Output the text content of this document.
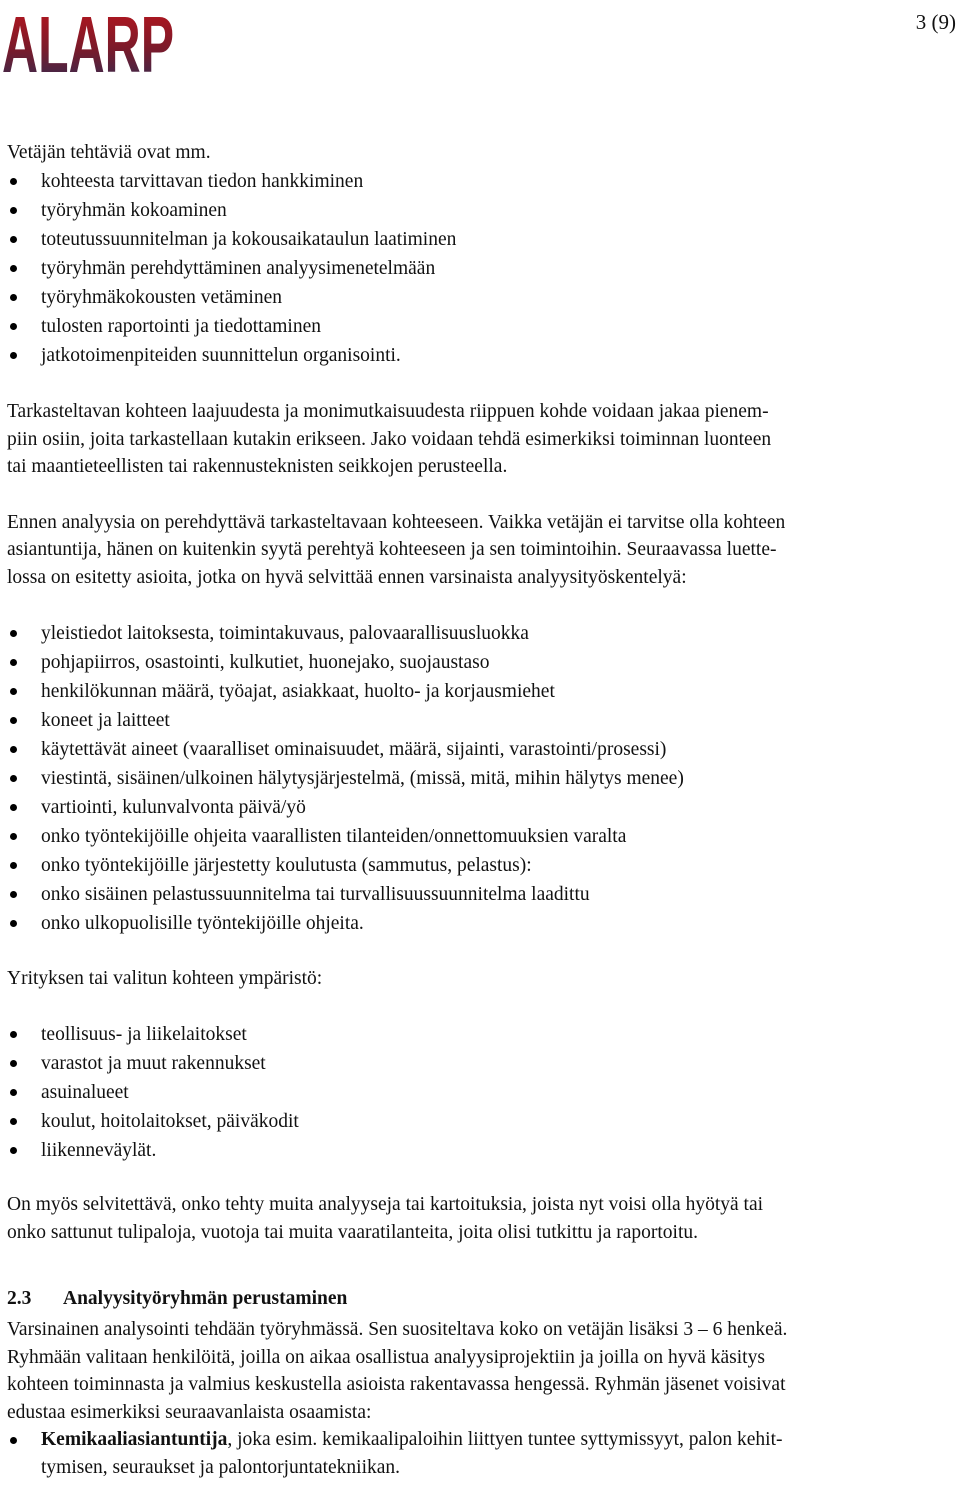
ALARP	3 (9)

Vetäjän tehtäviä ovat mm.

kohteesta tarvittavan tiedon hankkiminen
työryhmän kokoaminen
toteutussuunnitelman ja kokousaikataulun laatiminen
työryhmän perehdyttäminen analyysimenetelmään
työryhmäkokousten vetäminen
tulosten raportointi ja tiedottaminen
jatkotoimenpiteiden suunnittelun organisointi.
Tarkasteltavan kohteen laajuudesta ja monimutkaisuudesta riippuen kohde voidaan jakaa pienem-
piin osiin, joita tarkastellaan kutakin erikseen. Jako voidaan tehdä esimerkiksi toiminnan luonteen
tai maantieteellisten tai rakennusteknisten seikkojen perusteella.
Ennen analyysia on perehdyttävä tarkasteltavaan kohteeseen. Vaikka vetäjän ei tarvitse olla kohteen
asiantuntija, hänen on kuitenkin syytä perehtyä kohteeseen ja sen toimintoihin. Seuraavassa luette-
lossa on esitetty asioita, jotka on hyvä selvittää ennen varsinaista analyysityöskentelyä:
yleistiedot laitoksesta, toimintakuvaus, palovaarallisuusluokka
pohjapiirros, osastointi, kulkutiet, huonejako, suojaustaso
henkilökunnan määrä, työajat, asiakkaat, huolto- ja korjausmiehet
koneet ja laitteet
käytettävät aineet (vaaralliset ominaisuudet, määrä, sijainti, varastointi/prosessi)
viestintä, sisäinen/ulkoinen hälytysjärjestelmä, (missä, mitä, mihin hälytys menee)
vartiointi, kulunvalvonta päivä/yö
onko työntekijöille ohjeita vaarallisten tilanteiden/onnettomuuksien varalta
onko työntekijöille järjestetty koulutusta (sammutus, pelastus):
onko sisäinen pelastussuunnitelma tai turvallisuussuunnitelma laadittu
onko ulkopuolisille työntekijöille ohjeita.

Yrityksen tai valitun kohteen ympäristö:

teollisuus- ja liikelaitokset
varastot ja muut rakennukset
asuinalueet
koulut, hoitolaitokset, päiväkodit
liikenneväylät.
On myös selvitettävä, onko tehty muita analyyseja tai kartoituksia, joista nyt voisi olla hyötyä tai
onko sattunut tulipaloja, vuotoja tai muita vaaratilanteita, joita olisi tutkittu ja raportoitu.
2.3 Analyysityöryhmän perustaminen
Varsinainen analysointi tehdään työryhmässä. Sen suositeltava koko on vetäjän lisäksi 3 – 6 henkeä.
Ryhmään valitaan henkilöitä, joilla on aikaa osallistua analyysiprojektiin ja joilla on hyvä käsitys
kohteen toiminnasta ja valmius keskustella asioista rakentavassa hengessä. Ryhmän jäsenet voisivat
edustaa esimerkiksi seuraavanlaista osaamista:
Kemikaaliasiantuntija, joka esim. kemikaalipaloihin liittyen tuntee syttymissyyt, palon kehit-
tymisen, seuraukset ja palontorjuntatekniikan.
